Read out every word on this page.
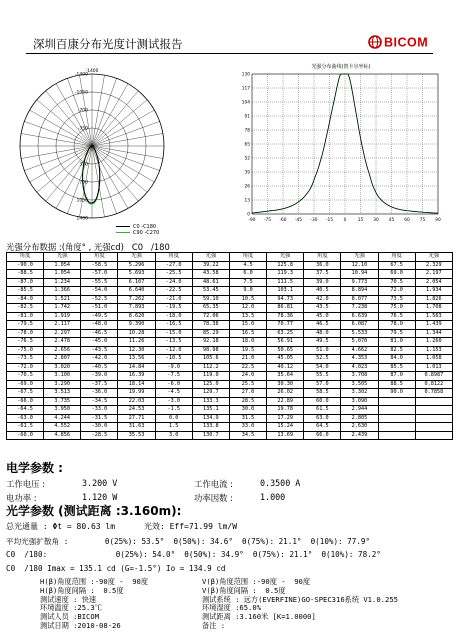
深圳百康分布光度计测试报告	BICOM
-1400
-1050
-700
-350
350
700
1050
1400
-1400
C0 -C180
C90 -C270
光强分布曲线(笛卡尔坐标)
130
117
104
91
78
65
52
39
26
13
0
-90 -75 -60 -45 -30 -15 0	15 30 45 60 75 90
光强分布数据 :(角度° , 光强cd)   C0   /180
角度	光强	角度	光强	角度	光强	角度	光强	角度	光强	角度	光强
-90.0	1.054	-58.5	5.296	-27.0	39.22	4.5	125.8	36.0	12.10	67.5	2.329
-88.5	1.054	-57.0	5.693	-25.5	43.58	6.0	119.3	37.5	10.94	69.0	2.197
-87.0	1.234	-55.5	6.107	-24.0	48.61	7.5	111.5	39.0	9.773	70.5	2.054
-85.5	1.366	-54.0	6.640	-22.5	53.45	9.0	103.1	40.5	8.894	72.0	1.934
-84.0	1.521	-52.5	7.262	-21.0	59.10	10.5	94.73	42.0	8.077	73.5	1.826
-82.5	1.742	-51.0	7.893	-19.5	65.35	12.0	86.81	43.5	7.238	75.0	1.708
-81.0	1.919	-49.5	8.620	-18.0	72.06	13.5	78.36	45.0	6.639	76.5	1.563
-79.5	2.117	-48.0	9.390	-16.5	78.38	15.0	70.77	46.5	6.087	78.0	1.439
-78.0	2.297	-46.5	10.28	-15.0	85.29	16.5	63.25	48.0	5.533	79.5	1.344
-76.5	2.478	-45.0	11.26	-13.5	92.18	18.0	56.91	49.5	5.070	81.0	1.260
-75.0	2.656	-43.5	12.30	-12.0	98.98	19.5	50.65	51.0	4.662	82.5	1.153
-73.5	2.807	-42.0	13.56	-10.5	105.6	21.0	45.05	52.5	4.353	84.0	1.058
-72.0	3.020	-40.5	14.84	-9.0	112.2	22.5	40.12	54.0	4.023	85.5	1.013
-70.5	3.100	-39.0	16.39	-7.5	119.0	24.0	35.64	55.5	3.708	87.0	0.8987
-69.0	3.290	-37.5	18.14	-6.0	125.0	25.5	30.30	57.0	3.505	88.5	0.8122
-67.5	3.513	-36.0	19.99	-4.5	129.7	27.0	26.02	58.5	3.302	90.0	0.7858
-66.0	3.735	-34.5	22.03	-3.0	133.3	28.5	22.89	60.0	3.090		
-64.5	3.950	-33.0	24.53	-1.5	135.1	30.0	19.78	61.5	2.944		
-63.0	4.244	-31.5	27.71	0.0	134.9	31.5	17.29	63.0	2.805		
-61.5	4.552	-30.0	31.63	1.5	133.8	33.0	15.24	64.5	2.630		
-60.0	4.856	-28.5	35.53	3.0	130.7	34.5	13.69	66.0	2.439		
电学参数 :
工作电压 :	3.200 V	工作电流 :	0.3500 A
电功率 :	1.120 W	功率因数 :	1.000
光学参数 (测试距离 :3.160m):
总光通量 : Φt = 80.63 lm      光效: Eff=71.99 lm/W
平均光强扩散角 :        θ(25%): 53.5°  θ(50%): 34.6°  θ(75%): 21.1°  θ(10%): 77.9°
C0  /180:               θ(25%): 54.0°  θ(50%): 34.9°  θ(75%): 21.1°  θ(10%): 78.2°
C0  /180 Imax = 135.1 cd (G=-1.5°) Io = 134.9 cd
H(β)角度范围 :-90度 -  90度
H(β)角度间隔 :  0.5度
测试速度 : 快速
环境温度 :25.3℃
测试人员 :BICOM
测试日期 :2010-08-26
V(β)角度范围 :-90度 -  90度
V(β)角度间隔 :  0.5度
测试系统 : 远方(EVERFINE)GO-SPEC316系统 V1.0.255
环境湿度 :65.0%
测试距离 :3.160米 [K=1.0000]
备注 :
